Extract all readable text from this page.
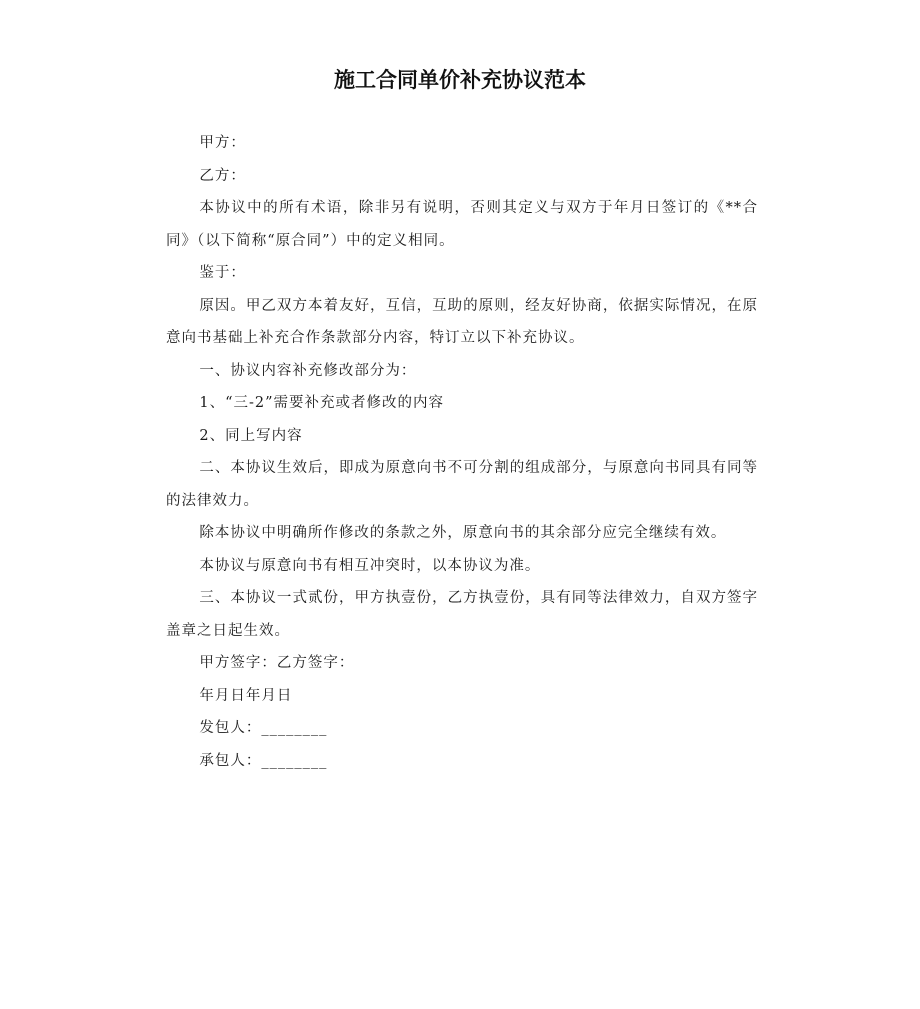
施工合同单价补充协议范本

甲方：

乙方：

本协议中的所有术语，除非另有说明，否则其定义与双方于年月日签订的《**合同》（以下简称“原合同”）中的定义相同。

鉴于：

原因。甲乙双方本着友好，互信，互助的原则，经友好协商，依据实际情况，在原意向书基础上补充合作条款部分内容，特订立以下补充协议。

一、协议内容补充修改部分为：

1、“三-2”需要补充或者修改的内容

2、同上写内容

二、本协议生效后，即成为原意向书不可分割的组成部分，与原意向书同具有同等的法律效力。

除本协议中明确所作修改的条款之外，原意向书的其余部分应完全继续有效。

本协议与原意向书有相互冲突时，以本协议为准。

三、本协议一式贰份，甲方执壹份，乙方执壹份，具有同等法律效力，自双方签字盖章之日起生效。

甲方签字：乙方签字：

年月日年月日

发包人：________

承包人：________
